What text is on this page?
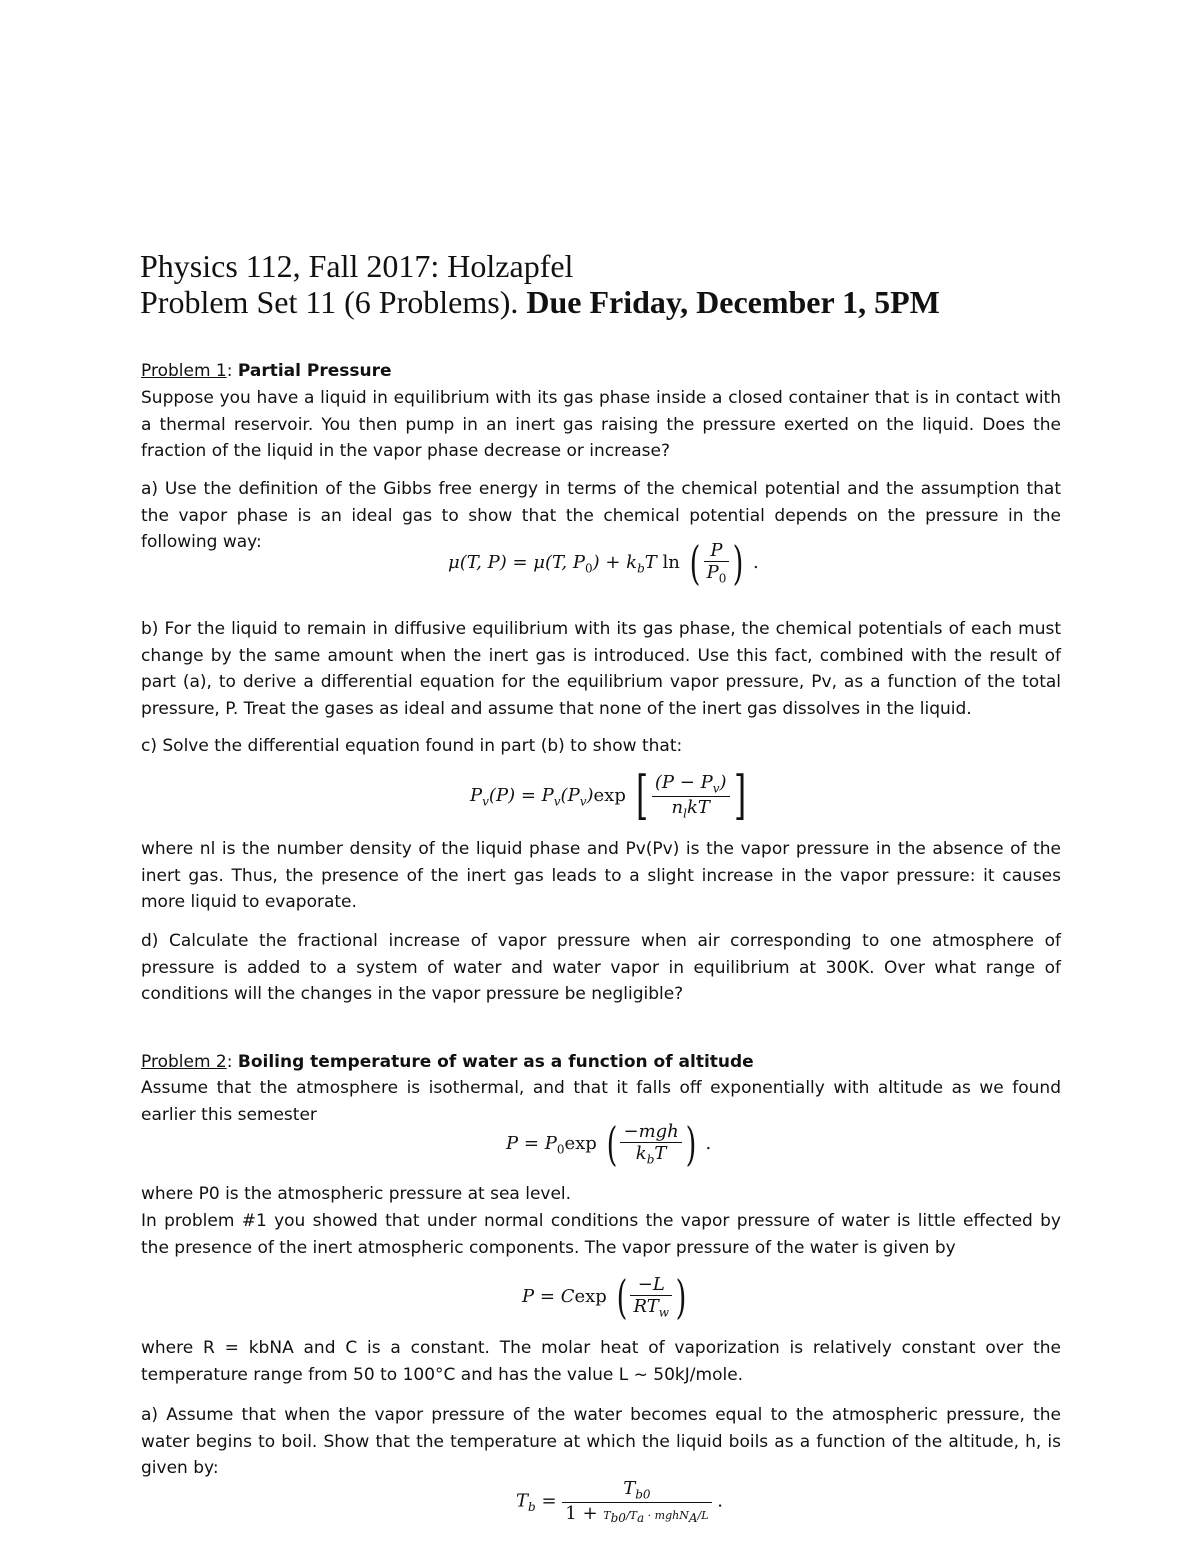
Physics 112, Fall 2017: Holzapfel
Problem Set 11 (6 Problems). Due Friday, December 1, 5PM
Problem 1: Partial Pressure
Suppose you have a liquid in equilibrium with its gas phase inside a closed container that is in contact with a thermal reservoir. You then pump in an inert gas raising the pressure exerted on the liquid. Does the fraction of the liquid in the vapor phase decrease or increase?
a) Use the definition of the Gibbs free energy in terms of the chemical potential and the assumption that the vapor phase is an ideal gas to show that the chemical potential depends on the pressure in the following way:
μ(T, P) = μ(T, $P_0) + k_bT$ ln ( $\frac{P}{P_0}$ ) .
b) For the liquid to remain in diffusive equilibrium with its gas phase, the chemical potentials of each must change by the same amount when the inert gas is introduced. Use this fact, combined with the result of part (a), to derive a differential equation for the equilibrium vapor pressure, Pv, as a function of the total pressure, P. Treat the gases as ideal and assume that none of the inert gas dissolves in the liquid.
c) Solve the differential equation found in part (b) to show that:
$P_v(P) = P_v(P_v)\exp$ [ $\frac{(P - P_v)}{n_lkT}$ ]
where nl is the number density of the liquid phase and Pv(Pv) is the vapor pressure in the absence of the inert gas. Thus, the presence of the inert gas leads to a slight increase in the vapor pressure: it causes more liquid to evaporate.
d) Calculate the fractional increase of vapor pressure when air corresponding to one atmosphere of pressure is added to a system of water and water vapor in equilibrium at 300K. Over what range of conditions will the changes in the vapor pressure be negligible?
Problem 2: Boiling temperature of water as a function of altitude
Assume that the atmosphere is isothermal, and that it falls off exponentially with altitude as we found earlier this semester
$P = P_0\exp$ ( $\frac{\text{−mgh}}{k_bT}$ ) .
where P0 is the atmospheric pressure at sea level.
In problem #1 you showed that under normal conditions the vapor pressure of water is little effected by the presence of the inert atmospheric components. The vapor pressure of the water is given by
P = Cexp ( $\frac{-L}{RT_w}$ )
where R = kbNA and C is a constant. The molar heat of vaporization is relatively constant over the temperature range from 50 to 100°C and has the value L ~ 50kJ/mole.
a) Assume that when the vapor pressure of the water becomes equal to the atmospheric pressure, the water begins to boil. Show that the temperature at which the liquid boils as a function of the altitude, h, is given by:
$T_b = \frac{T_{b0}}{1 + T_{b0}/T_a \cdot mghN_A/L}$ .
